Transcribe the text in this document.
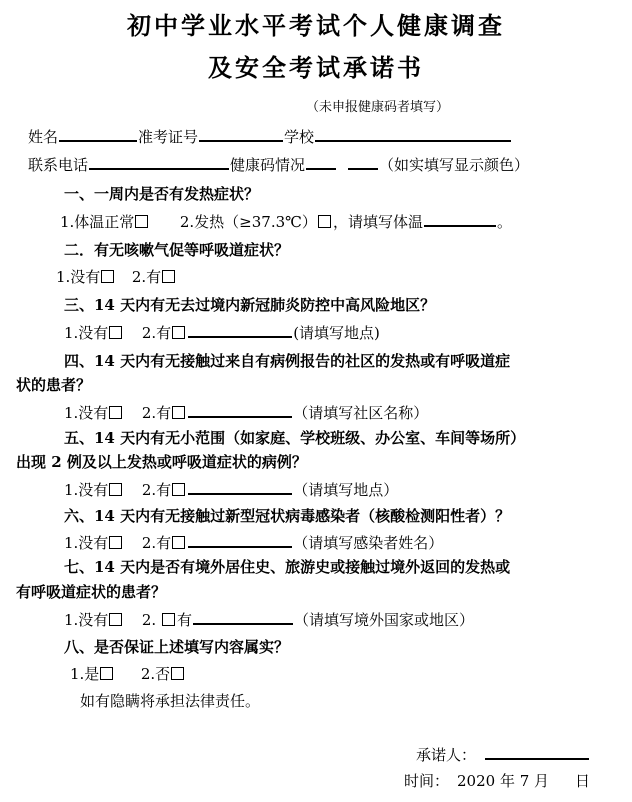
初中学业水平考试个人健康调查
及安全考试承诺书
（未申报健康码者填写）
姓名	准考证号	学校
联系电话	健康码情况	（如实填写显示颜色）
一、一周内是否有发热症状？
1.体温正常	2.发热（≥37.3℃） ，请填写体温	。
二．有无咳嗽气促等呼吸道症状？
1.没有 2.有
三、14 天内有无去过境内新冠肺炎防控中高风险地区？
1.没有 2.有	(请填写地点)
四、14 天内有无接触过来自有病例报告的社区的发热或有呼吸道症
状的患者？
1.没有 2.有	（请填写社区名称）
五、14 天内有无小范围（如家庭、学校班级、办公室、车间等场所）
出现 2 例及以上发热或呼吸道症状的病例？
1.没有 2.有	（请填写地点）
六、14 天内有无接触过新型冠状病毒感染者（核酸检测阳性者）？
1.没有 2.有	（请填写感染者姓名）
七、14 天内是否有境外居住史、旅游史或接触过境外返回的发热或
有呼吸道症状的患者？
1.没有 2. 有	（请填写境外国家或地区）
八、是否保证上述填写内容属实？
1.是	2.否
如有隐瞒将承担法律责任。
承诺人：
时间： 2020 年 7 月 日
